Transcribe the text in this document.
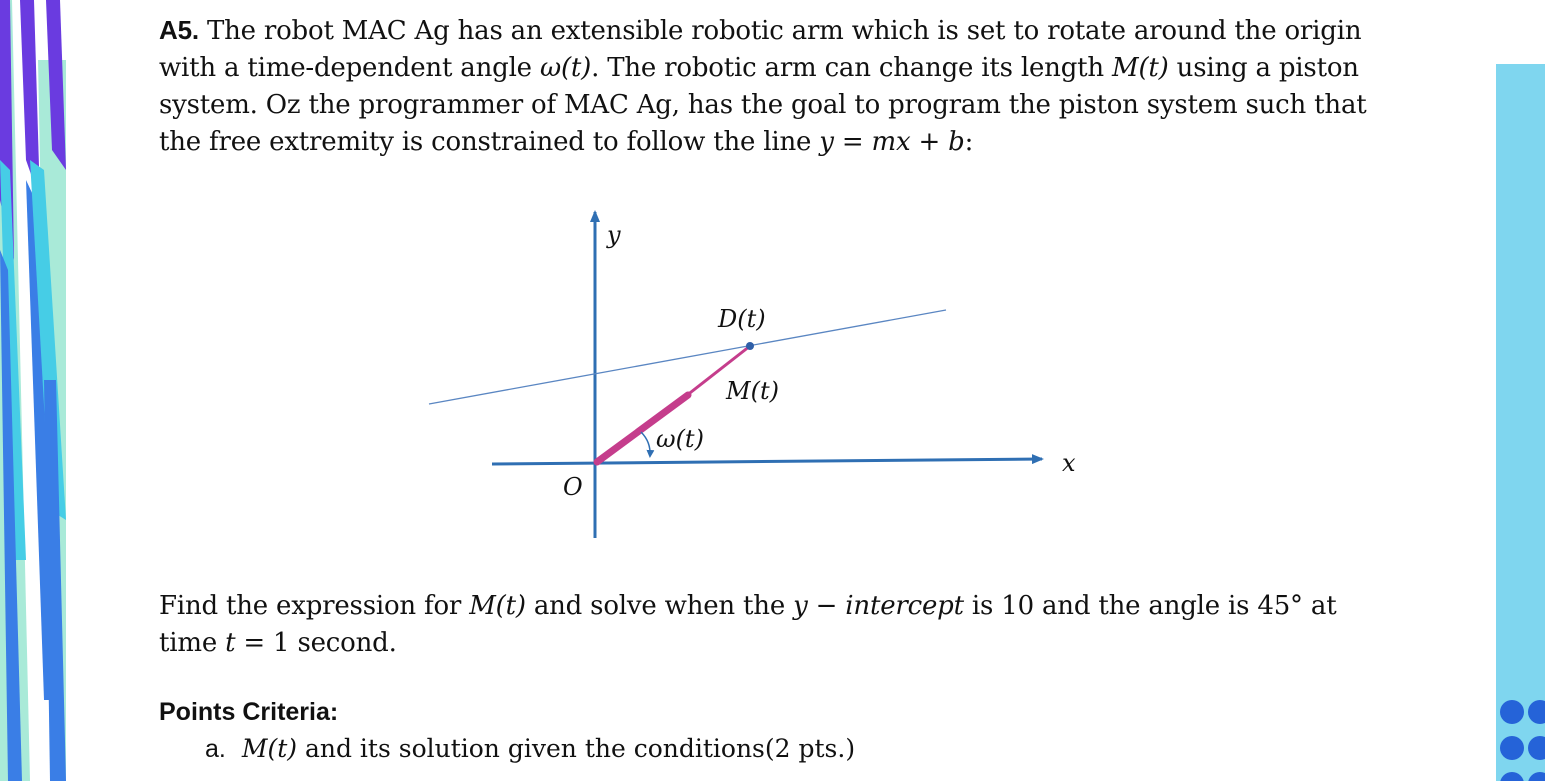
A5. The robot MAC Ag has an extensible robotic arm which is set to rotate around the origin with a time-dependent angle ω(t). The robotic arm can change its length M(t) using a piston system. Oz the programmer of MAC Ag, has the goal to program the piston system such that the free extremity is constrained to follow the line y = mx + b:
y
x
O
D(t)
M(t)
ω(t)
Find the expression for M(t) and solve when the y − intercept is 10 and the angle is 45° at time t = 1 second.
Points Criteria:
a. M(t) and its solution given the conditions(2 pts.)
